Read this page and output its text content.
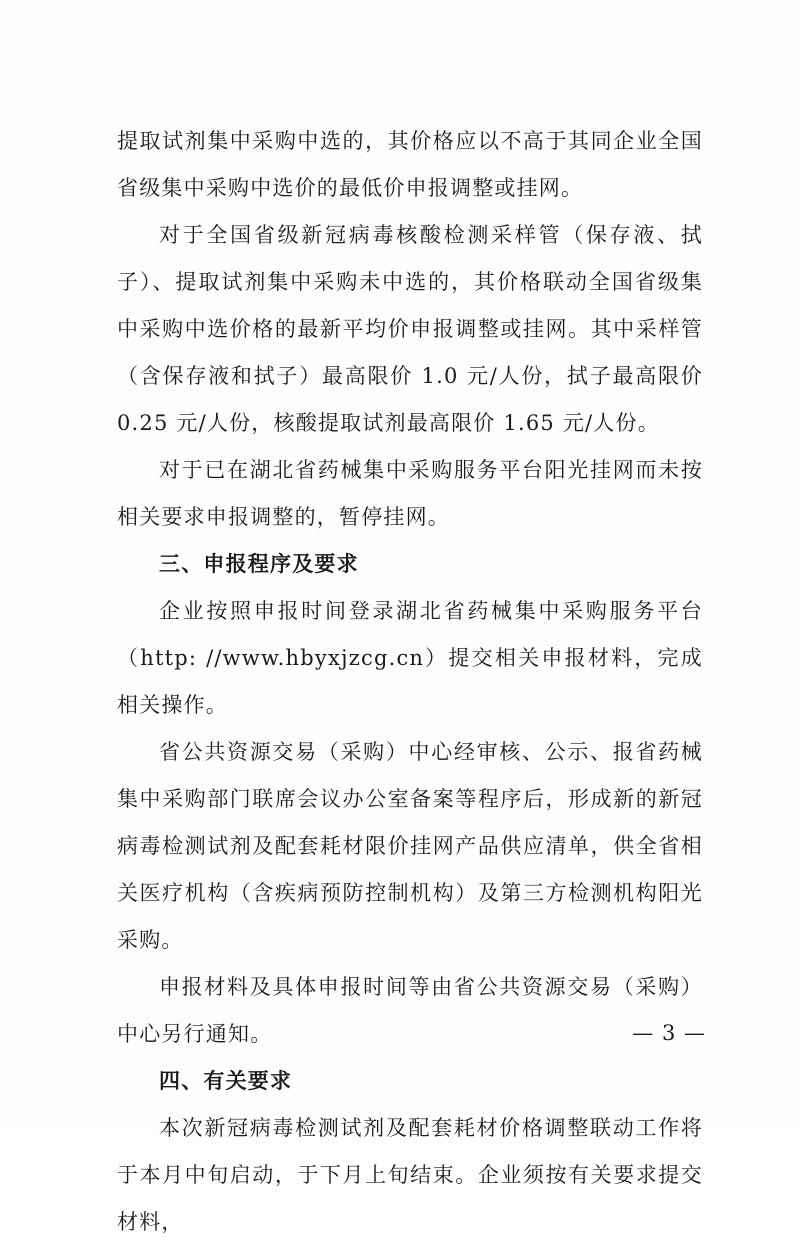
提取试剂集中采购中选的，其价格应以不高于其同企业全国省级集中采购中选价的最低价申报调整或挂网。

对于全国省级新冠病毒核酸检测采样管（保存液、拭子）、提取试剂集中采购未中选的，其价格联动全国省级集中采购中选价格的最新平均价申报调整或挂网。其中采样管（含保存液和拭子）最高限价 1.0 元/人份，拭子最高限价 0.25 元/人份，核酸提取试剂最高限价 1.65 元/人份。

对于已在湖北省药械集中采购服务平台阳光挂网而未按相关要求申报调整的，暂停挂网。

三、申报程序及要求

企业按照申报时间登录湖北省药械集中采购服务平台（http: //www.hbyxjzcg.cn）提交相关申报材料，完成相关操作。

省公共资源交易（采购）中心经审核、公示、报省药械集中采购部门联席会议办公室备案等程序后，形成新的新冠病毒检测试剂及配套耗材限价挂网产品供应清单，供全省相关医疗机构（含疾病预防控制机构）及第三方检测机构阳光采购。

申报材料及具体申报时间等由省公共资源交易（采购）中心另行通知。

四、有关要求

本次新冠病毒检测试剂及配套耗材价格调整联动工作将于本月中旬启动，于下月上旬结束。企业须按有关要求提交材料，

— 3 —
